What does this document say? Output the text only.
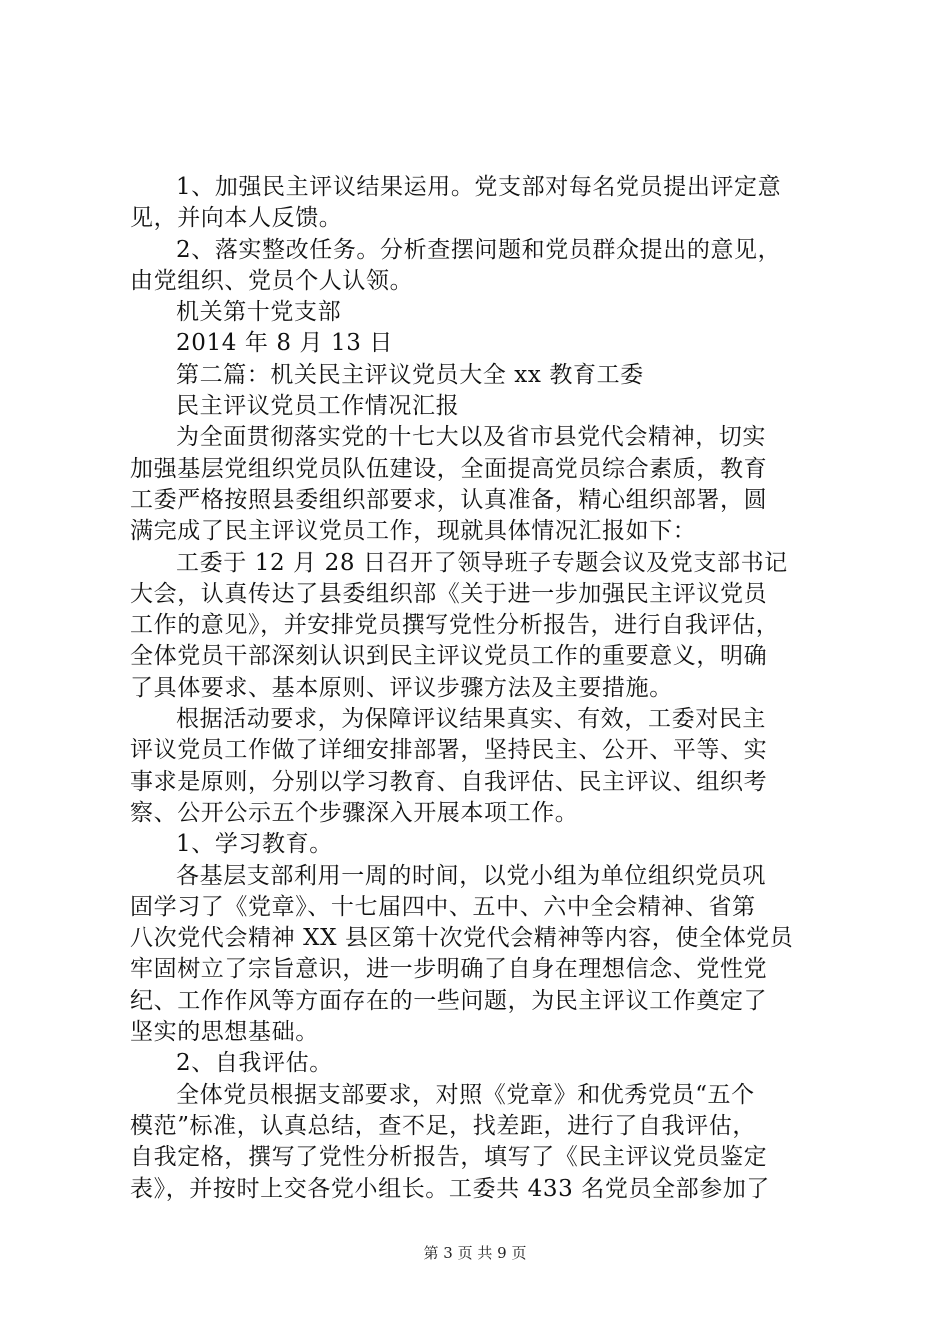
1、加强民主评议结果运用。党支部对每名党员提出评定意
见，并向本人反馈。
2、落实整改任务。分析查摆问题和党员群众提出的意见，
由党组织、党员个人认领。
机关第十党支部
2014 年 8 月 13 日
第二篇：机关民主评议党员大全 xx 教育工委
民主评议党员工作情况汇报
为全面贯彻落实党的十七大以及省市县党代会精神，切实
加强基层党组织党员队伍建设，全面提高党员综合素质，教育
工委严格按照县委组织部要求，认真准备，精心组织部署，圆
满完成了民主评议党员工作，现就具体情况汇报如下：
工委于 12 月 28 日召开了领导班子专题会议及党支部书记
大会，认真传达了县委组织部《关于进一步加强民主评议党员
工作的意见》，并安排党员撰写党性分析报告，进行自我评估，
全体党员干部深刻认识到民主评议党员工作的重要意义，明确
了具体要求、基本原则、评议步骤方法及主要措施。
根据活动要求，为保障评议结果真实、有效，工委对民主
评议党员工作做了详细安排部署，坚持民主、公开、平等、实
事求是原则，分别以学习教育、自我评估、民主评议、组织考
察、公开公示五个步骤深入开展本项工作。
1、学习教育。
各基层支部利用一周的时间，以党小组为单位组织党员巩
固学习了《党章》、十七届四中、五中、六中全会精神、省第
八次党代会精神 XX 县区第十次党代会精神等内容，使全体党员
牢固树立了宗旨意识，进一步明确了自身在理想信念、党性党
纪、工作作风等方面存在的一些问题，为民主评议工作奠定了
坚实的思想基础。
2、自我评估。
全体党员根据支部要求，对照《党章》和优秀党员“五个
模范”标准，认真总结，查不足，找差距，进行了自我评估，
自我定格，撰写了党性分析报告，填写了《民主评议党员鉴定
表》，并按时上交各党小组长。工委共 433 名党员全部参加了
第 3 页 共 9 页
